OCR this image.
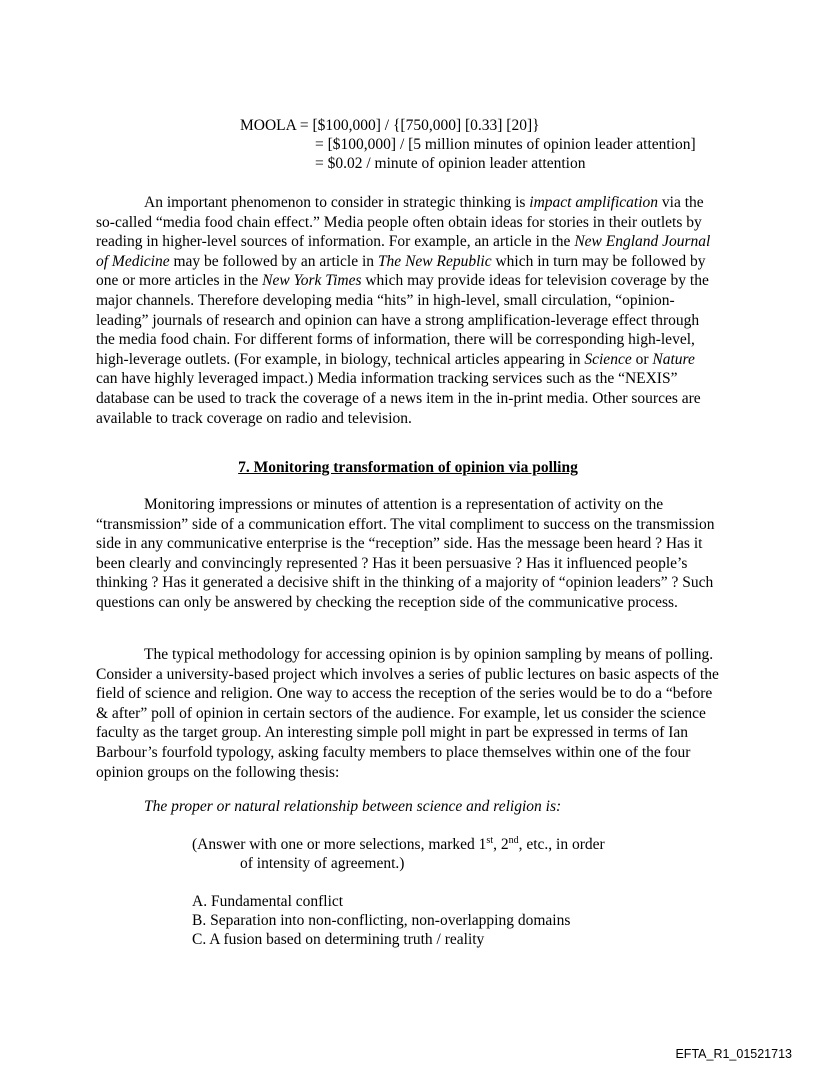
MOOLA = [$100,000] / {[750,000] [0.33] [20]}
= [$100,000] / [5 million minutes of opinion leader attention]
= $0.02 / minute of opinion leader attention

An important phenomenon to consider in strategic thinking is impact amplification via the so-called “media food chain effect.” Media people often obtain ideas for stories in their outlets by reading in higher-level sources of information. For example, an article in the New England Journal of Medicine may be followed by an article in The New Republic which in turn may be followed by one or more articles in the New York Times which may provide ideas for television coverage by the major channels. Therefore developing media “hits” in high-level, small circulation, “opinion-leading” journals of research and opinion can have a strong amplification-leverage effect through the media food chain. For different forms of information, there will be corresponding high-level, high-leverage outlets. (For example, in biology, technical articles appearing in Science or Nature can have highly leveraged impact.) Media information tracking services such as the “NEXIS” database can be used to track the coverage of a news item in the in-print media. Other sources are available to track coverage on radio and television.

7. Monitoring transformation of opinion via polling

Monitoring impressions or minutes of attention is a representation of activity on the “transmission” side of a communication effort. The vital compliment to success on the transmission side in any communicative enterprise is the “reception” side. Has the message been heard ? Has it been clearly and convincingly represented ? Has it been persuasive ? Has it influenced people’s thinking ? Has it generated a decisive shift in the thinking of a majority of “opinion leaders” ? Such questions can only be answered by checking the reception side of the communicative process.

The typical methodology for accessing opinion is by opinion sampling by means of polling. Consider a university-based project which involves a series of public lectures on basic aspects of the field of science and religion. One way to access the reception of the series would be to do a “before & after” poll of opinion in certain sectors of the audience. For example, let us consider the science faculty as the target group. An interesting simple poll might in part be expressed in terms of Ian Barbour’s fourfold typology, asking faculty members to place themselves within one of the four opinion groups on the following thesis:

The proper or natural relationship between science and religion is:
(Answer with one or more selections, marked 1st, 2nd, etc., in order
of intensity of agreement.)
A. Fundamental conflict
B. Separation into non-conflicting, non-overlapping domains
C. A fusion based on determining truth / reality
EFTA_R1_01521713
